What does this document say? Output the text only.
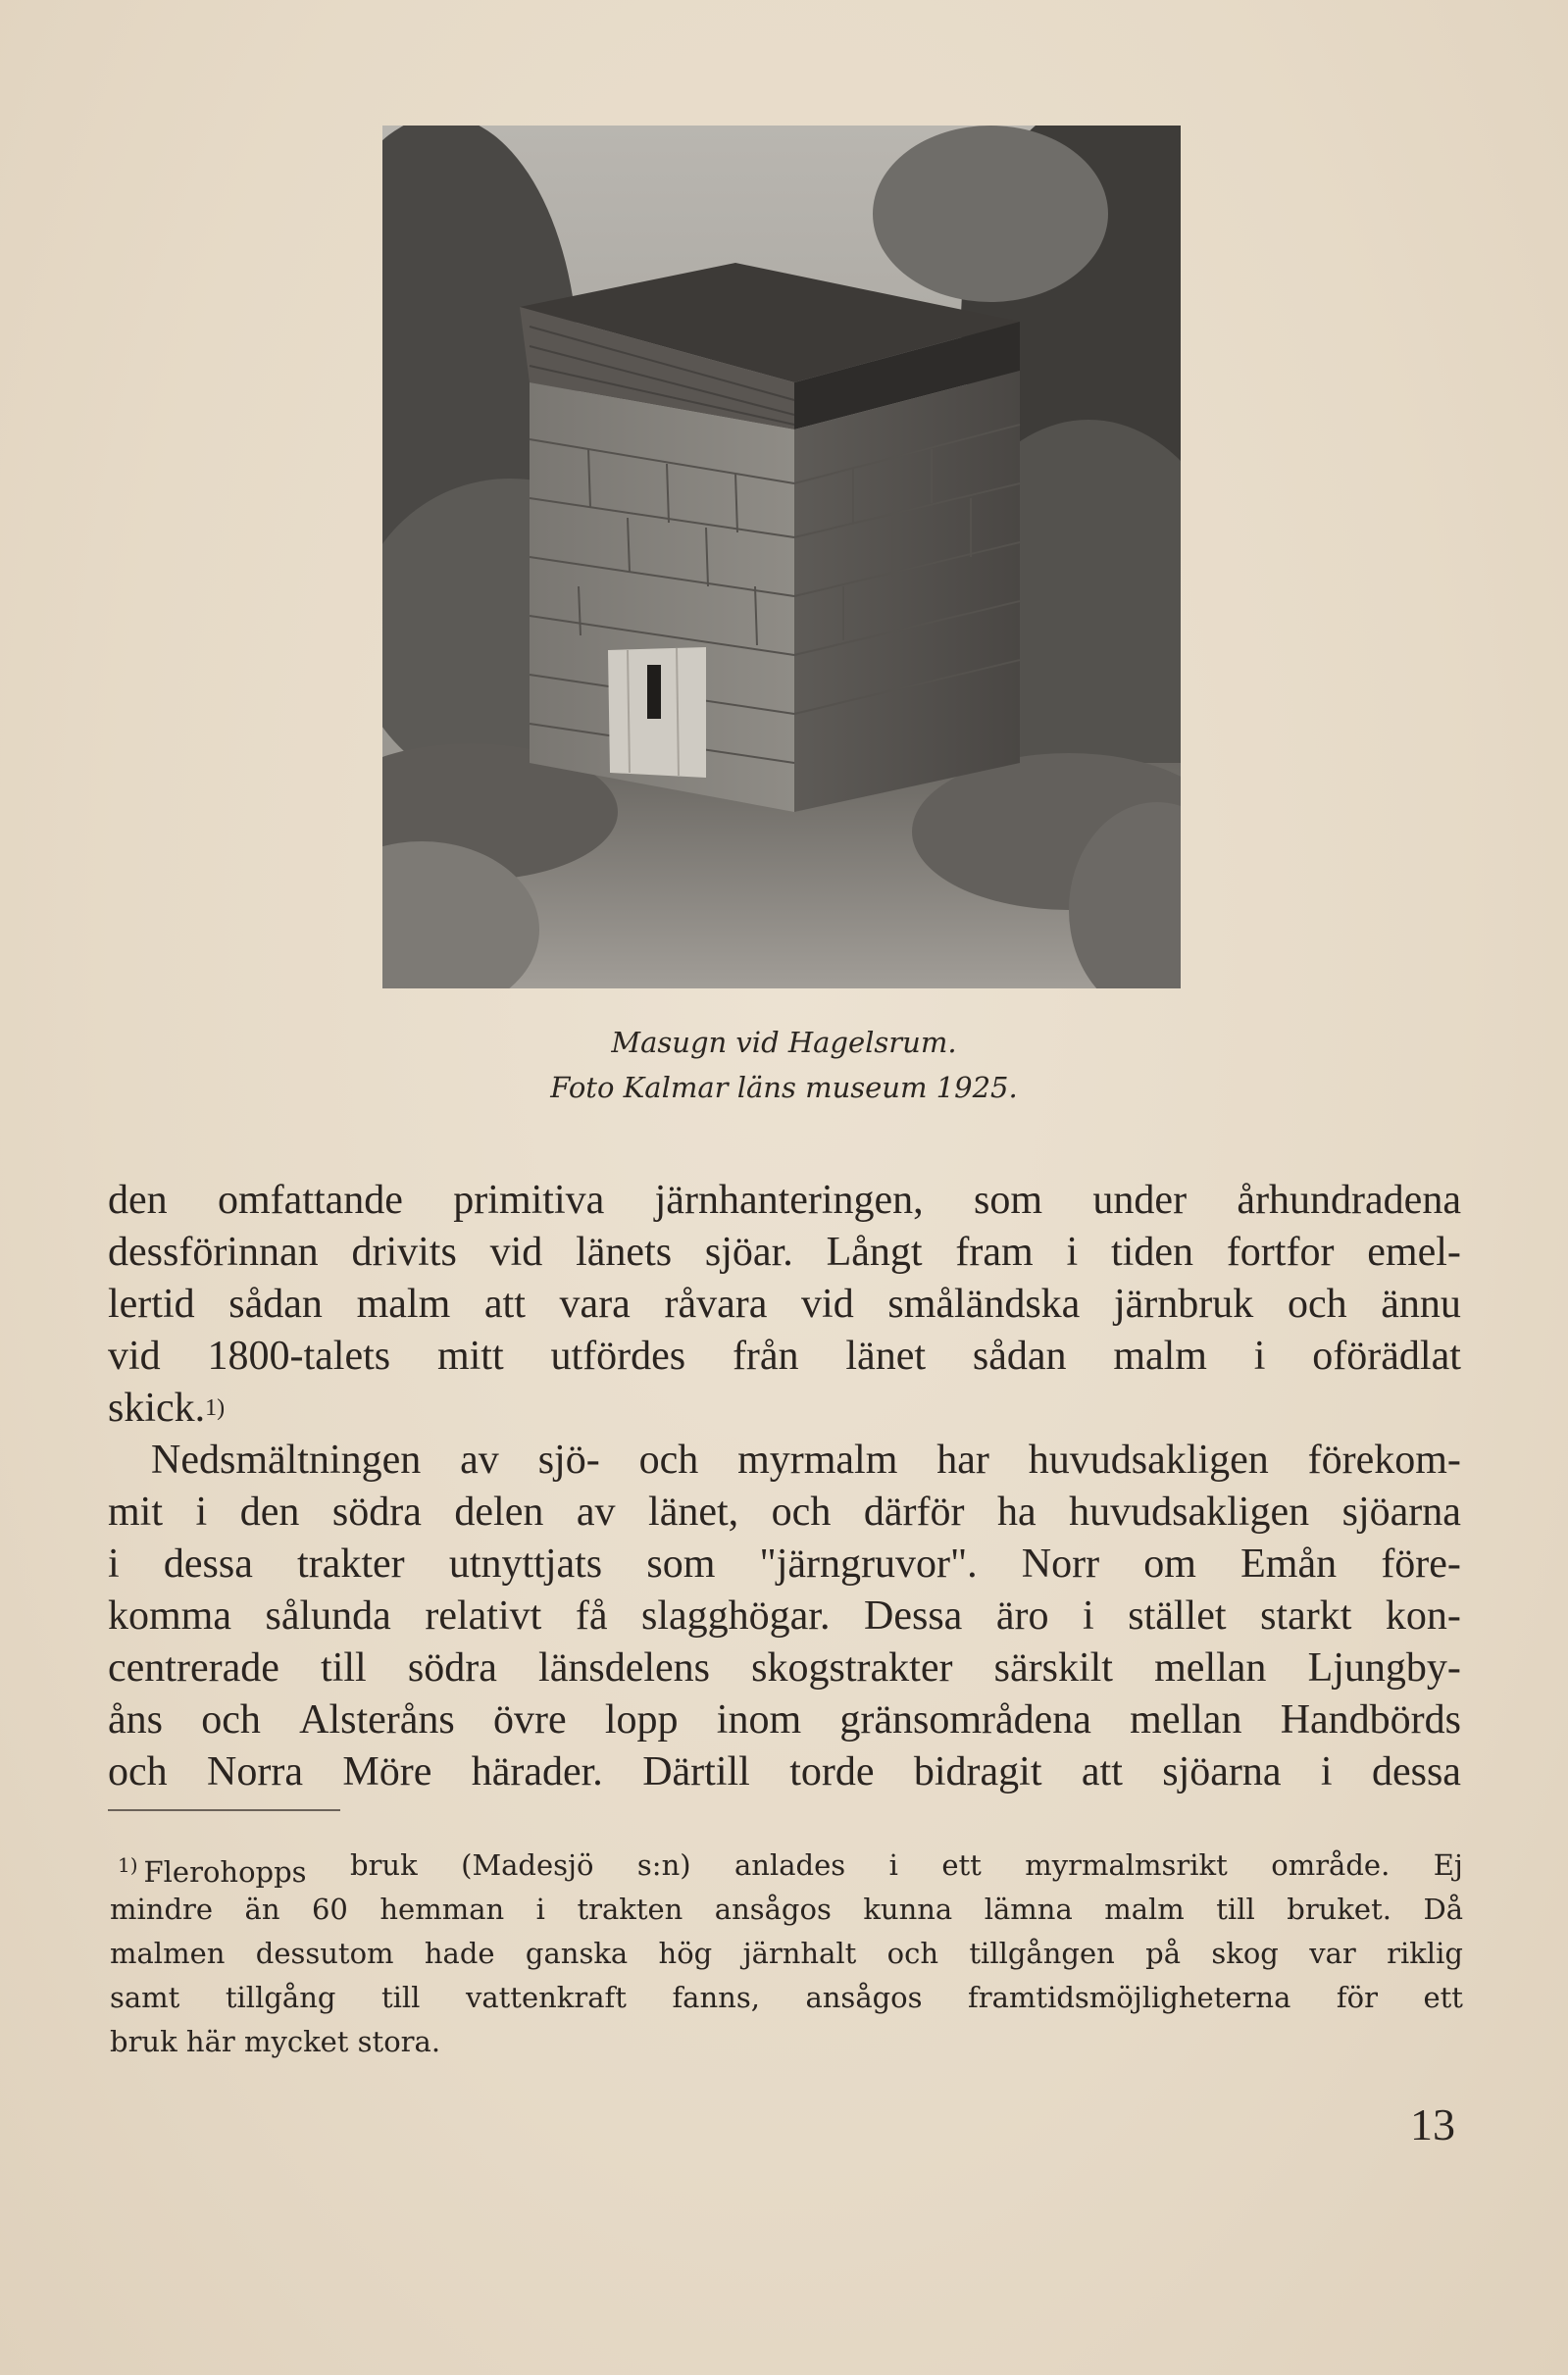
Masugn vid Hagelsrum.
Foto Kalmar läns museum 1925.
den omfattande primitiva järnhanteringen, som under århundradena
dessförinnan drivits vid länets sjöar. Långt fram i tiden fortfor emel-
lertid sådan malm att vara råvara vid småländska järnbruk och ännu
vid 1800-talets mitt utfördes från länet sådan malm i oförädlat
skick. 1)
Nedsmältningen av sjö- och myrmalm har huvudsakligen förekom-
mit i den södra delen av länet, och därför ha huvudsakligen sjöarna
i dessa trakter utnyttjats som "järngruvor". Norr om Emån före-
komma sålunda relativt få slagghögar. Dessa äro i stället starkt kon-
centrerade till södra länsdelens skogstrakter särskilt mellan Ljungby-
åns och Alsteråns övre lopp inom gränsområdena mellan Handbörds
och Norra Möre härader. Därtill torde bidragit att sjöarna i dessa
$^{1)}$ Flerohopps bruk (Madesjö s:n) anlades i ett myrmalmsrikt område. Ej
mindre än 60 hemman i trakten ansågos kunna lämna malm till bruket. Då
malmen dessutom hade ganska hög järnhalt och tillgången på skog var riklig
samt tillgång till vattenkraft fanns, ansågos framtidsmöjligheterna för ett
bruk här mycket stora.
13
